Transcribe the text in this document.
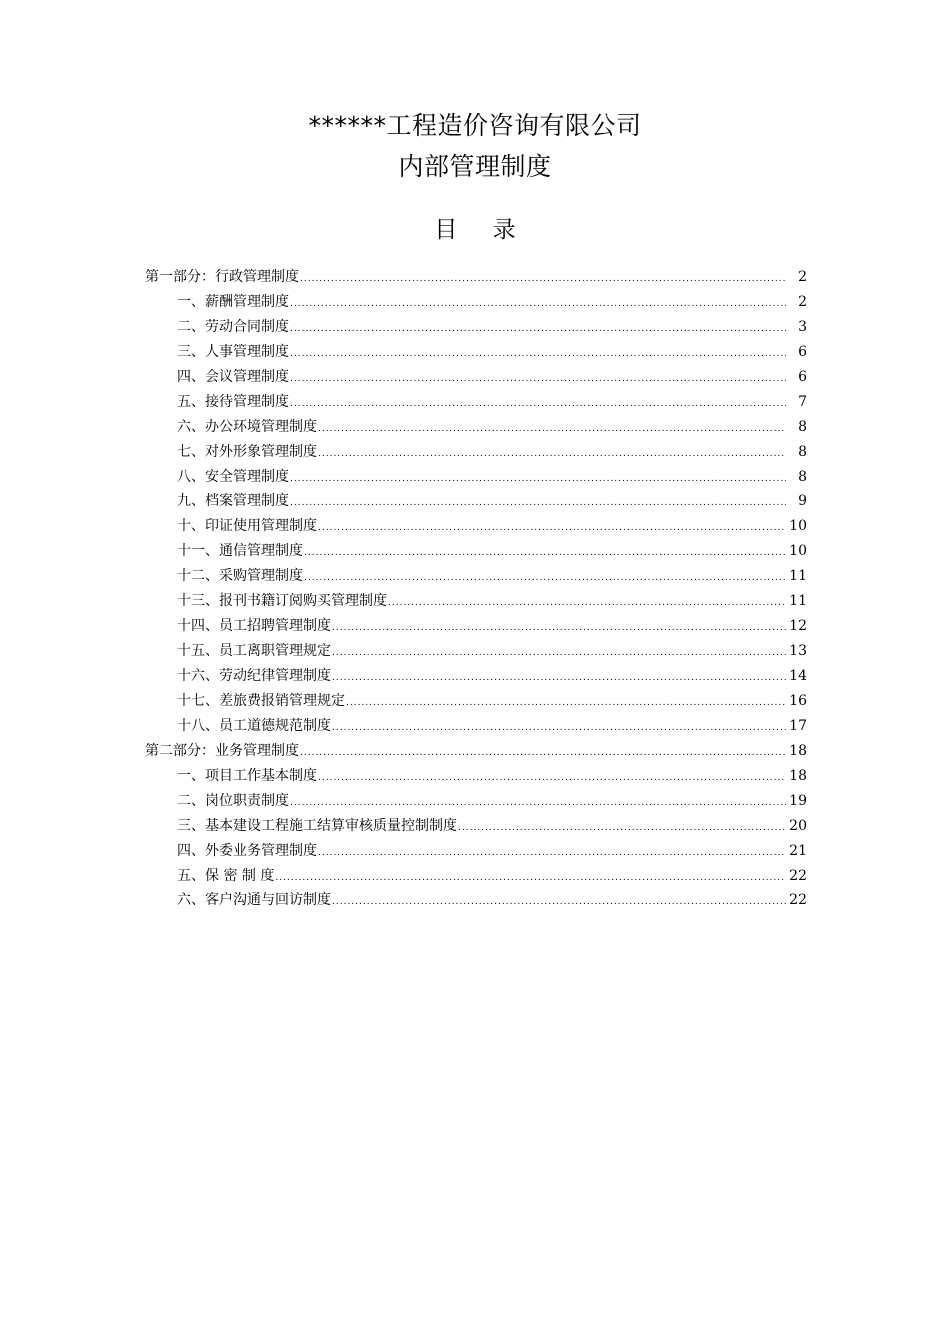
******工程造价咨询有限公司
内部管理制度
目 录
第一部分：行政管理制度 .....	2
一、薪酬管理制度 .....	2
二、劳动合同制度 .....	3
三、人事管理制度 .....	6
四、会议管理制度 .....	6
五、接待管理制度 .....	7
六、办公环境管理制度 .....	8
七、对外形象管理制度 .....	8
八、安全管理制度 .....	8
九、档案管理制度 .....	9
十、印证使用管理制度 .....	10
十一、通信管理制度 .....	10
十二、采购管理制度 .....	11
十三、报刊书籍订阅购买管理制度 .....	11
十四、员工招聘管理制度 .....	12
十五、员工离职管理规定 .....	13
十六、劳动纪律管理制度 .....	14
十七、差旅费报销管理规定 .....	16
十八、员工道德规范制度 .....	17
第二部分：业务管理制度 .....	18
一、项目工作基本制度 .....	18
二、岗位职责制度 .....	19
三、基本建设工程施工结算审核质量控制制度 .....	20
四、外委业务管理制度 .....	21
五、保 密 制 度 .....	22
六、客户沟通与回访制度 .....	22
